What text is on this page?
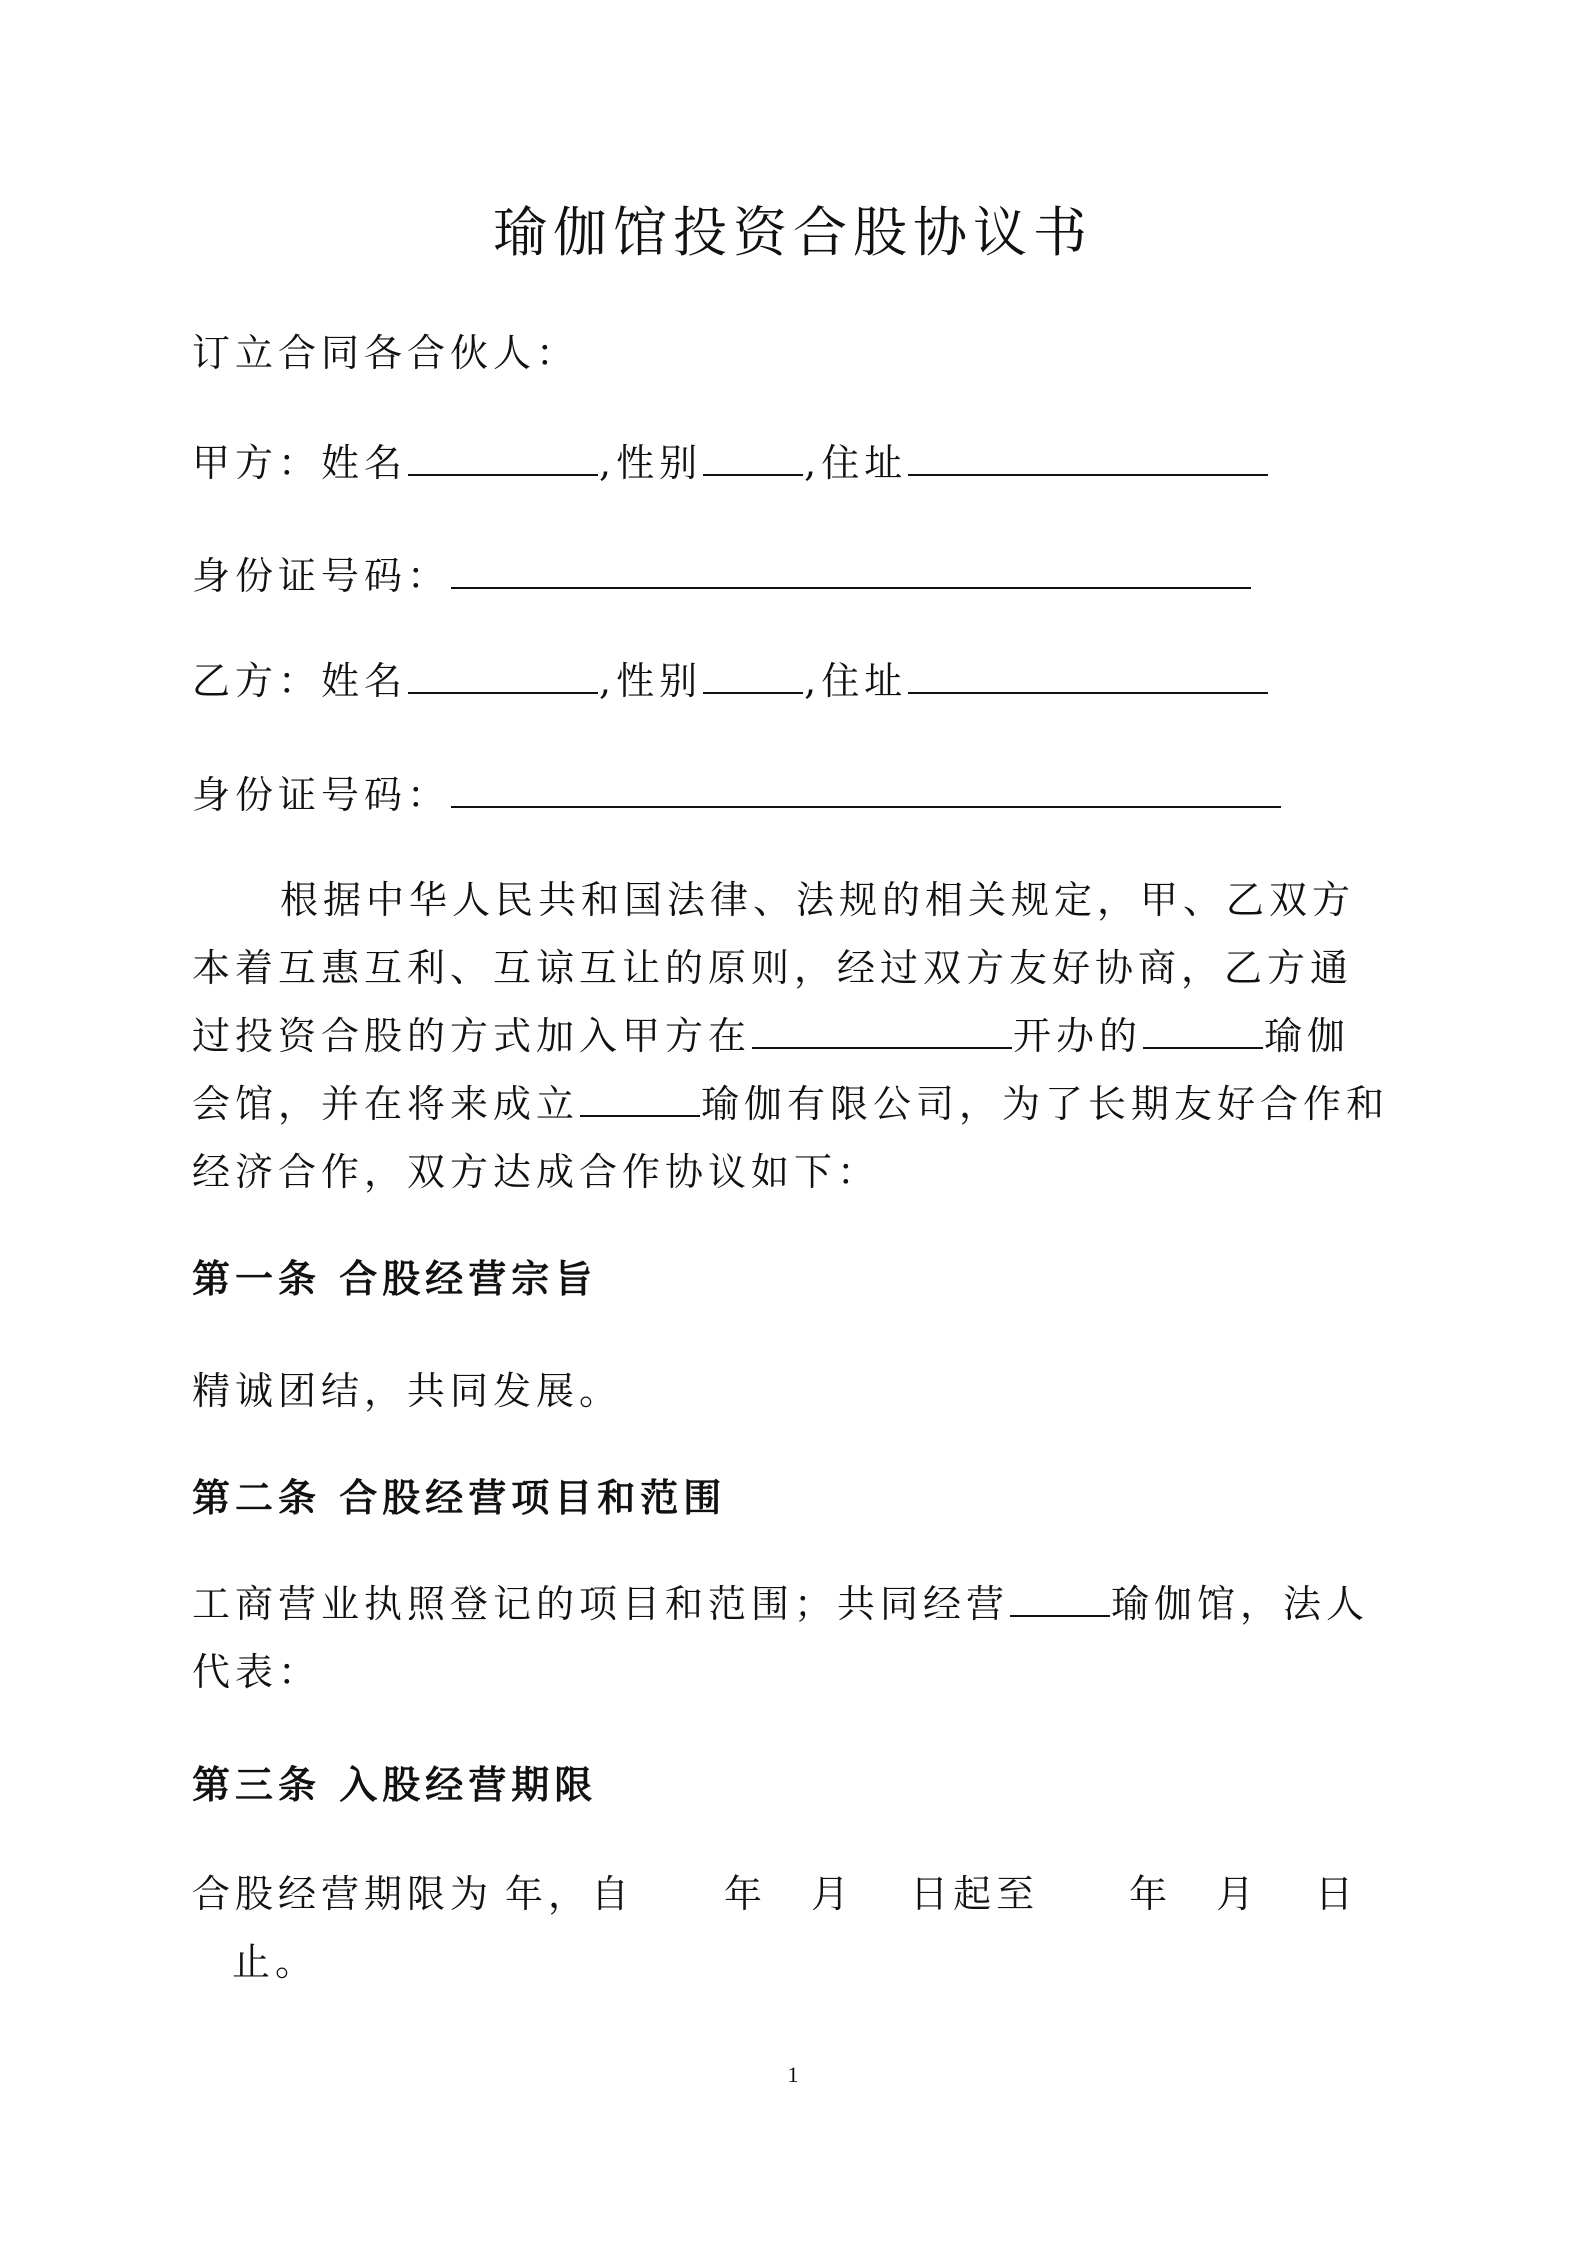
瑜伽馆投资合股协议书
订立合同各合伙人：
甲方：姓名	,性别	,住址
身份证号码：
乙方：姓名	,性别	,住址
身份证号码：
根据中华人民共和国法律、法规的相关规定，甲、乙双方本着互惠互利、互谅互让的原则，经过双方友好协商，乙方通过投资合股的方式加入甲方在	开办的	瑜伽会馆，并在将来成立	瑜伽有限公司，为了长期友好合作和经济合作，双方达成合作协议如下：
第一条 合股经营宗旨
精诚团结，共同发展。
第二条 合股经营项目和范围
工商营业执照登记的项目和范围；共同经营	瑜伽馆，法人代表：
第三条 入股经营期限
合股经营期限为 年，自 年 月 日起至 年 月 日止。
1
